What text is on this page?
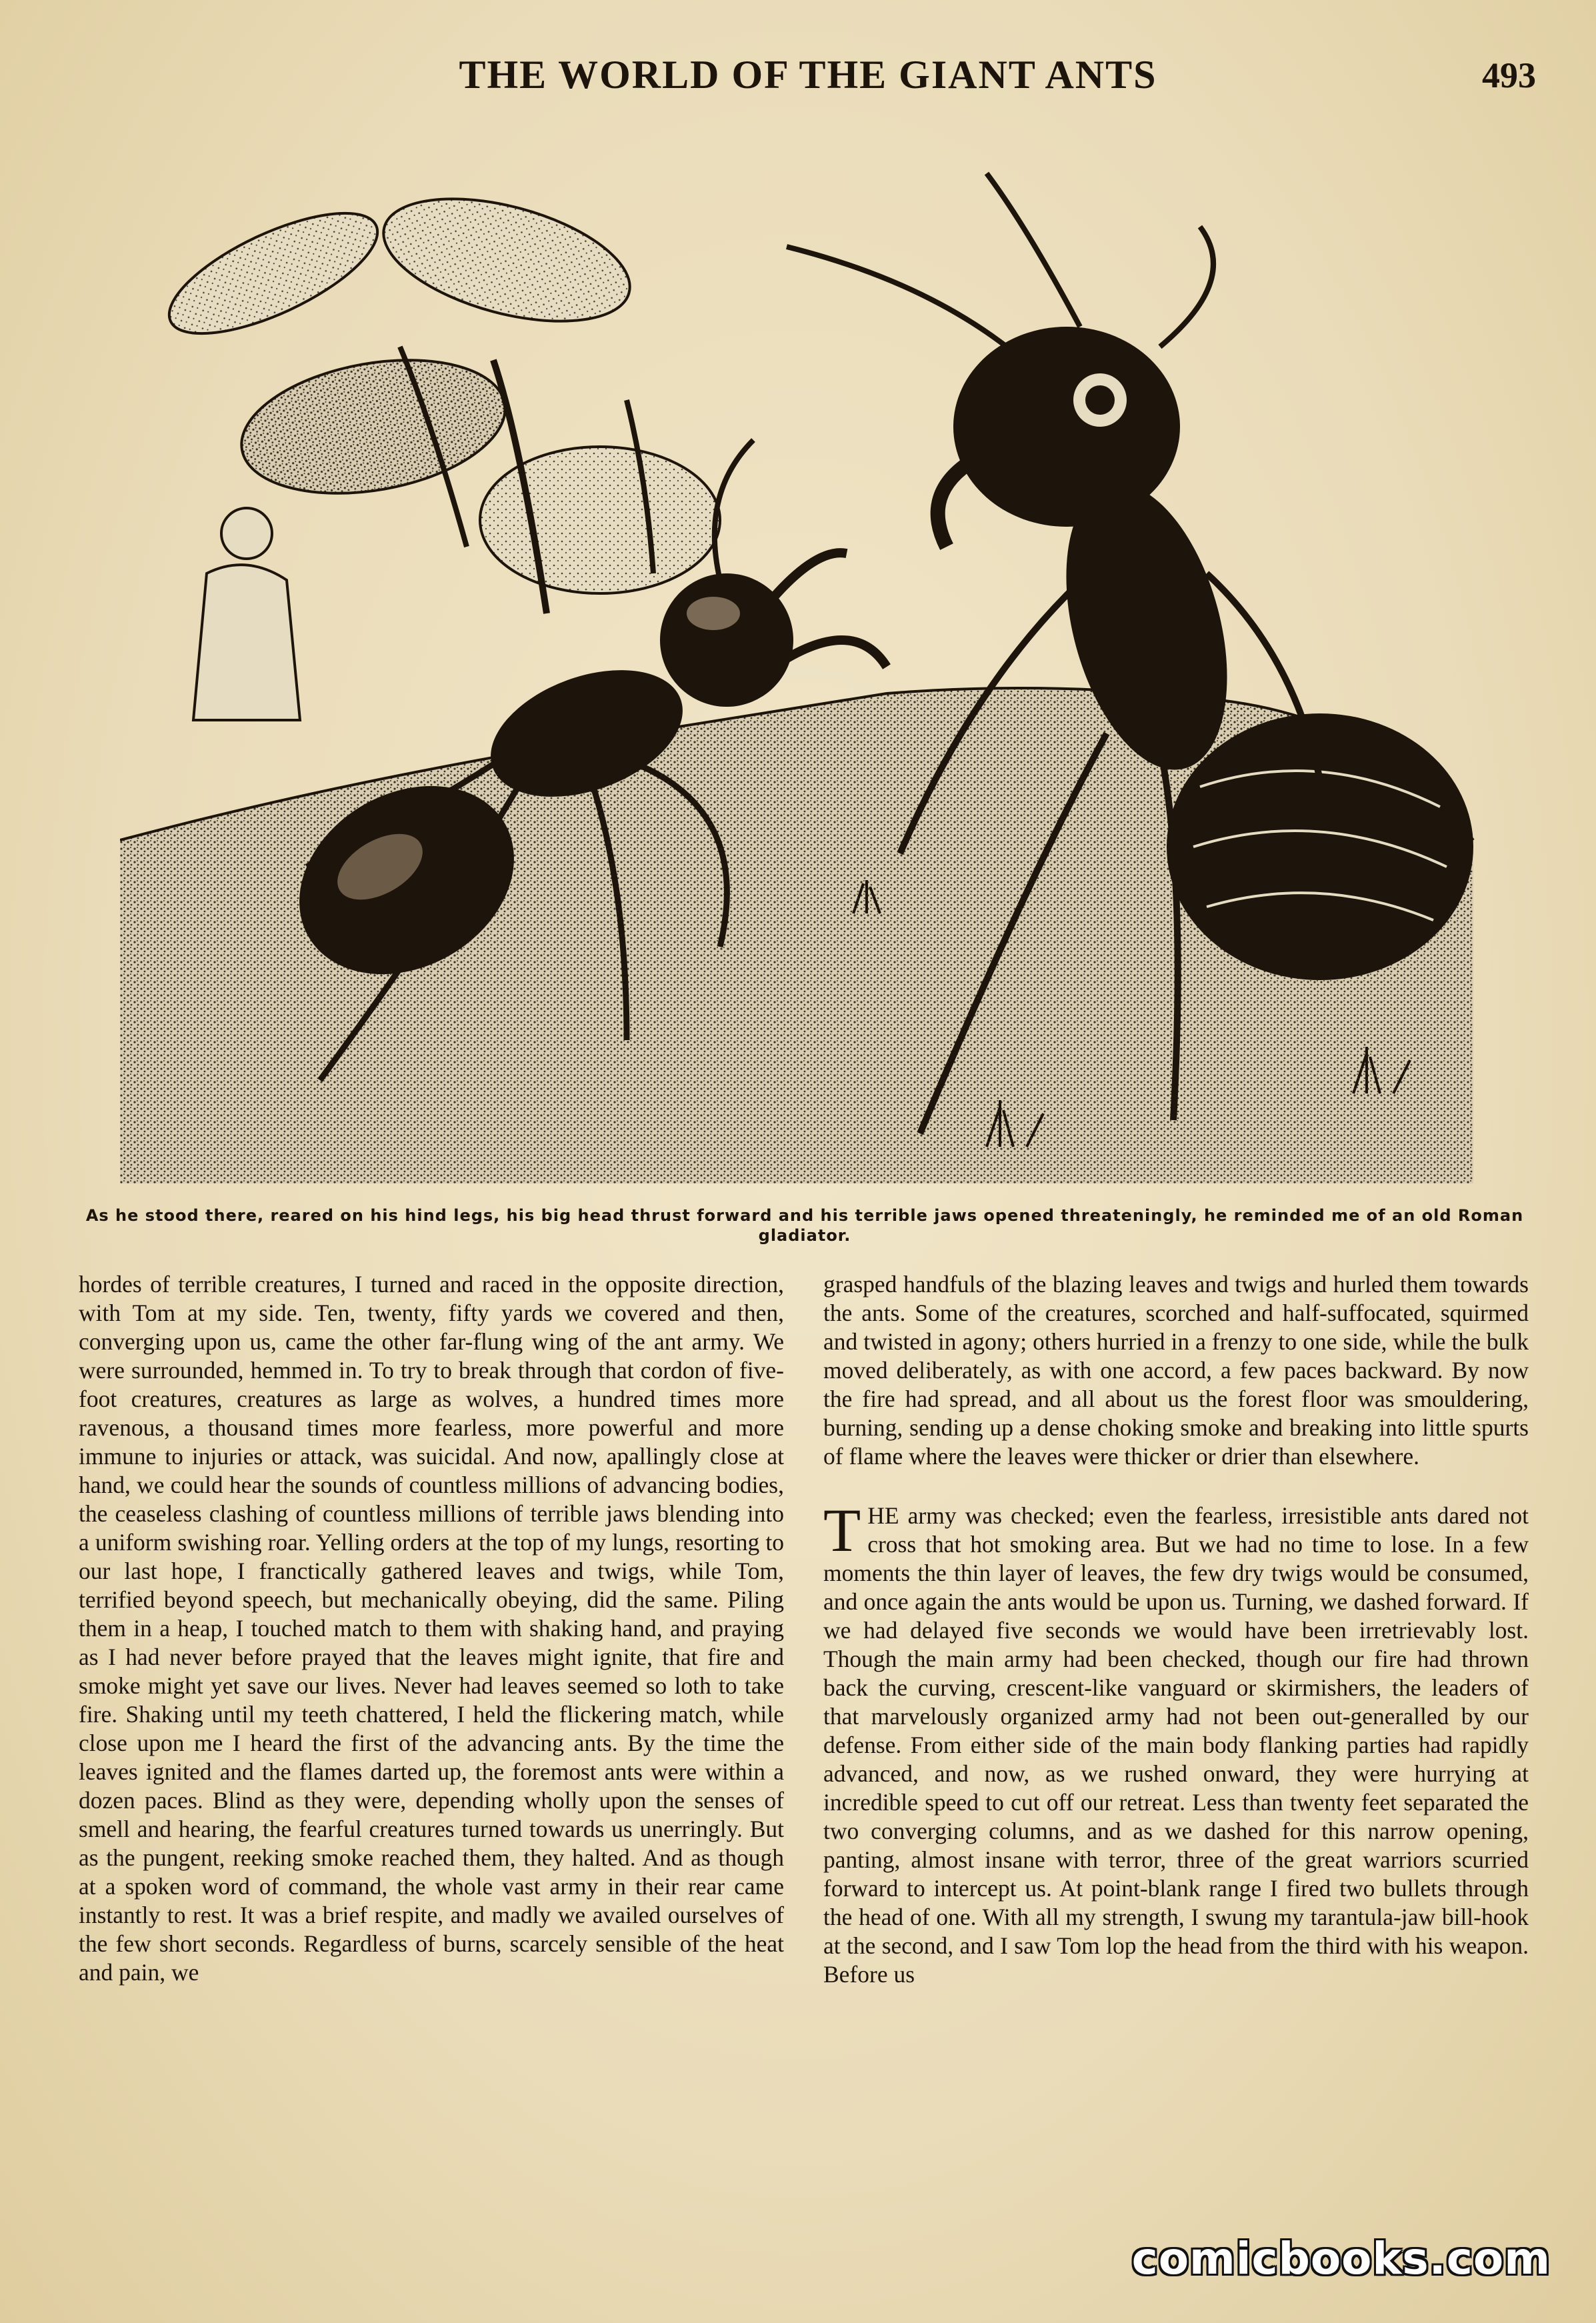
THE WORLD OF THE GIANT ANTS	493
As he stood there, reared on his hind legs, his big head thrust forward and his terrible jaws opened threateningly, he reminded me of an old Roman gladiator.

hordes of terrible creatures, I turned and raced in the opposite direction, with Tom at my side. Ten, twenty, fifty yards we covered and then, converging upon us, came the other far-flung wing of the ant army. We were surrounded, hemmed in. To try to break through that cordon of five-foot creatures, creatures as large as wolves, a hundred times more ravenous, a thousand times more fearless, more powerful and more immune to injuries or attack, was suicidal. And now, apallingly close at hand, we could hear the sounds of countless millions of advancing bodies, the ceaseless clashing of countless millions of terrible jaws blending into a uniform swishing roar. Yelling orders at the top of my lungs, resorting to our last hope, I franctically gathered leaves and twigs, while Tom, terrified beyond speech, but mechanically obeying, did the same. Piling them in a heap, I touched match to them with shaking hand, and praying as I had never before prayed that the leaves might ignite, that fire and smoke might yet save our lives. Never had leaves seemed so loth to take fire. Shaking until my teeth chattered, I held the flickering match, while close upon me I heard the first of the advancing ants. By the time the leaves ignited and the flames darted up, the foremost ants were within a dozen paces. Blind as they were, depending wholly upon the senses of smell and hearing, the fearful creatures turned towards us unerringly. But as the pungent, reeking smoke reached them, they halted. And as though at a spoken word of command, the whole vast army in their rear came instantly to rest. It was a brief respite, and madly we availed ourselves of the few short seconds. Regardless of burns, scarcely sensible of the heat and pain, we

grasped handfuls of the blazing leaves and twigs and hurled them towards the ants. Some of the creatures, scorched and half-suffocated, squirmed and twisted in agony; others hurried in a frenzy to one side, while the bulk moved deliberately, as with one accord, a few paces backward. By now the fire had spread, and all about us the forest floor was smouldering, burning, sending up a dense choking smoke and breaking into little spurts of flame where the leaves were thicker or drier than elsewhere.

THE army was checked; even the fearless, irresistible ants dared not cross that hot smoking area. But we had no time to lose. In a few moments the thin layer of leaves, the few dry twigs would be consumed, and once again the ants would be upon us. Turning, we dashed forward. If we had delayed five seconds we would have been irretrievably lost. Though the main army had been checked, though our fire had thrown back the curving, crescent-like vanguard or skirmishers, the leaders of that marvelously organized army had not been out-generalled by our defense. From either side of the main body flanking parties had rapidly advanced, and now, as we rushed onward, they were hurrying at incredible speed to cut off our retreat. Less than twenty feet separated the two converging columns, and as we dashed for this narrow opening, panting, almost insane with terror, three of the great warriors scurried forward to intercept us. At point-blank range I fired two bullets through the head of one. With all my strength, I swung my tarantula-jaw bill-hook at the second, and I saw Tom lop the head from the third with his weapon. Before us

comicbooks.com
